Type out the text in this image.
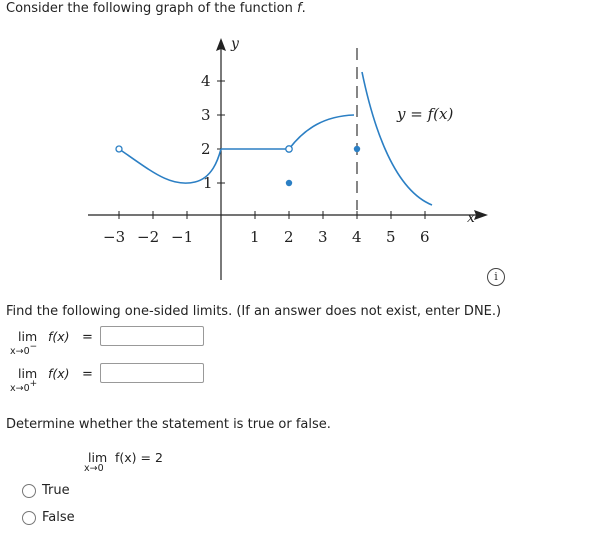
Consider the following graph of the function f.
−3 −2 −1	1 2 3 4 5 6
4
3
2
1
y
x
y = f(x)
i
Find the following one-sided limits. (If an answer does not exist, enter DNE.)
lim f(x)
x→0−
=
lim f(x)
x→0+
=
Determine whether the statement is true or false.
lim f(x) = 2
x→0
True
False
